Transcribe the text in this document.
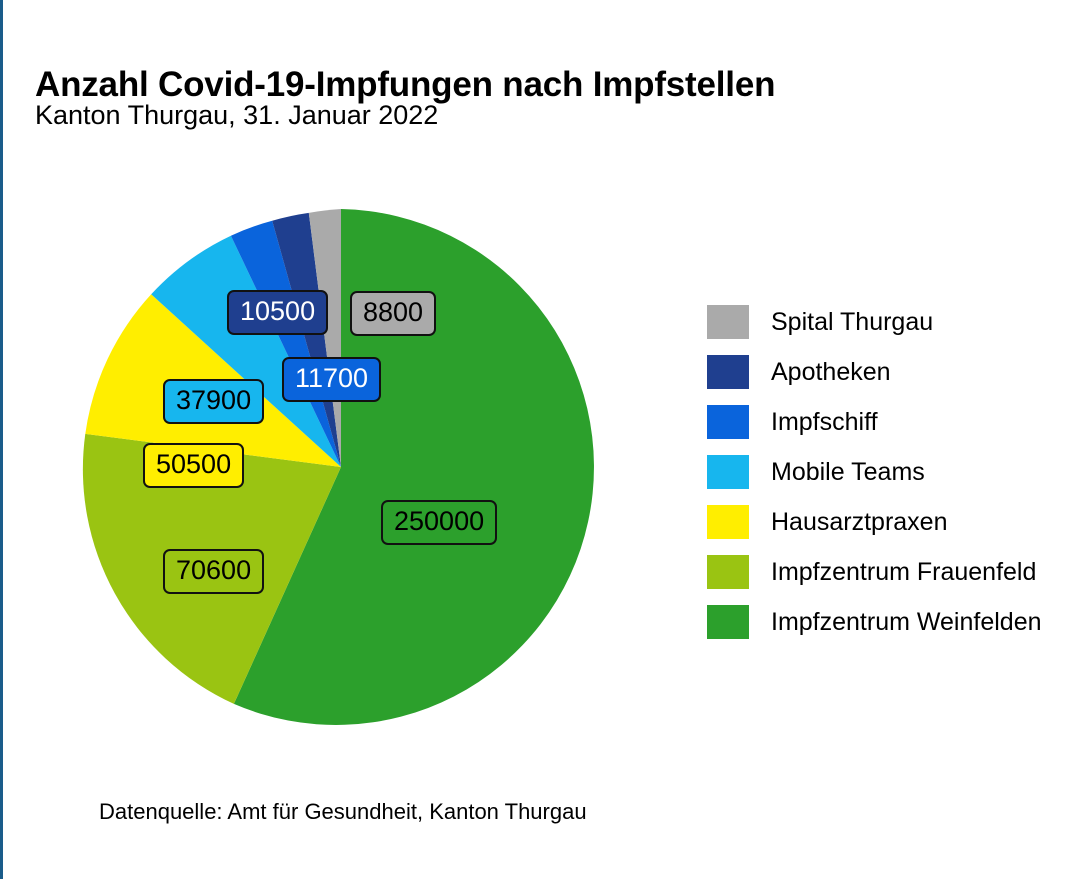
Anzahl Covid-19-Impfungen nach Impfstellen
Kanton Thurgau, 31. Januar 2022
10500	8800
11700
37900
50500
250000
70600
Spital Thurgau
Apotheken
Impfschiff
Mobile Teams
Hausarztpraxen
Impfzentrum Frauenfeld
Impfzentrum Weinfelden
Datenquelle: Amt für Gesundheit, Kanton Thurgau
